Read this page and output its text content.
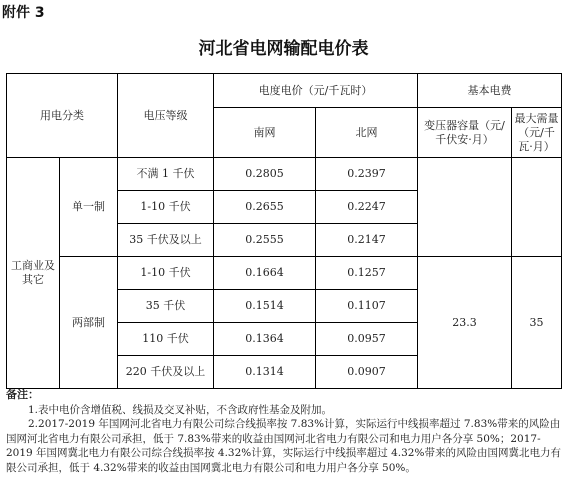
附件 3
河北省电网输配电价表
用电分类		电压等级	电度电价（元/千瓦时）		基本电费	
			南网	北网	变压器容量（元/千伏安·月）	最大需量（元/千瓦·月）
工商业及其它	单一制	不满 1 千伏	0.2805	0.2397		
		1-10 千伏	0.2655	0.2247		
		35 千伏及以上	0.2555	0.2147		
	两部制	1-10 千伏	0.1664	0.1257	23.3	35
		35 千伏	0.1514	0.1107		
		110 千伏	0.1364	0.0957		
		220 千伏及以上	0.1314	0.0907		
备注：

1.表中电价含增值税、线损及交叉补贴，不含政府性基金及附加。

2.2017-2019 年国网河北省电力有限公司综合线损率按 7.83%计算，实际运行中线损率超过 7.83%带来的风险由国网河北省电力有限公司承担，低于 7.83%带来的收益由国网河北省电力有限公司和电力用户各分享 50%；2017-2019 年国网冀北电力有限公司综合线损率按 4.32%计算，实际运行中线损率超过 4.32%带来的风险由国网冀北电力有限公司承担，低于 4.32%带来的收益由国网冀北电力有限公司和电力用户各分享 50%。
